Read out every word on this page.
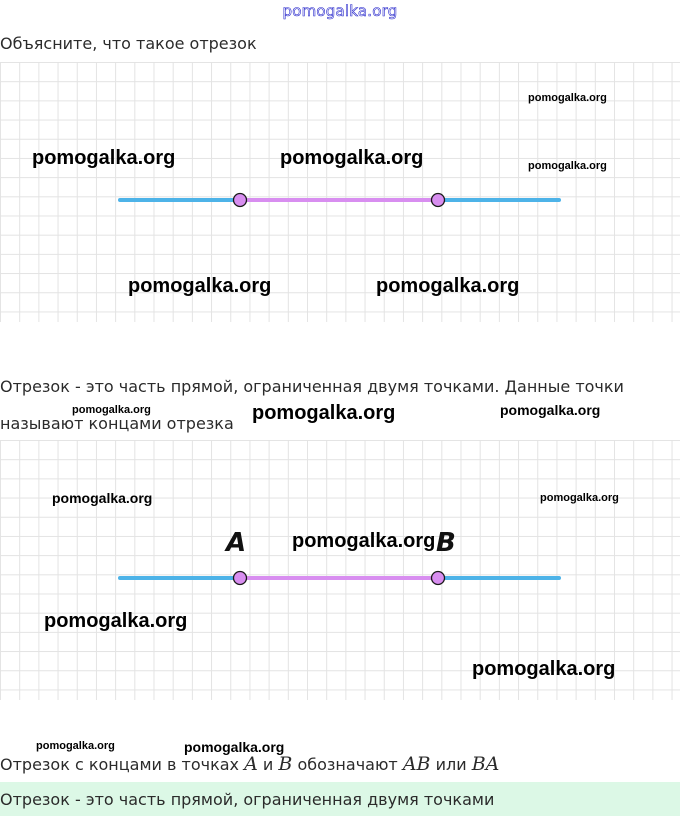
pomogalka.org
Объясните, что такое отрезок
pomogalka.org
pomogalka.org	pomogalka.org	pomogalka.org
pomogalka.org	pomogalka.org
Отрезок - это часть прямой, ограниченная двумя точками. Данные точки
называют концами отрезка
pomogalka.org	pomogalka.org	pomogalka.org
A	B
pomogalka.org	pomogalka.org
pomogalka.org
pomogalka.org
pomogalka.org
pomogalka.org	pomogalka.org
Отрезок с концами в точках A и B обозначают AB или BA
Отрезок - это часть прямой, ограниченная двумя точками
